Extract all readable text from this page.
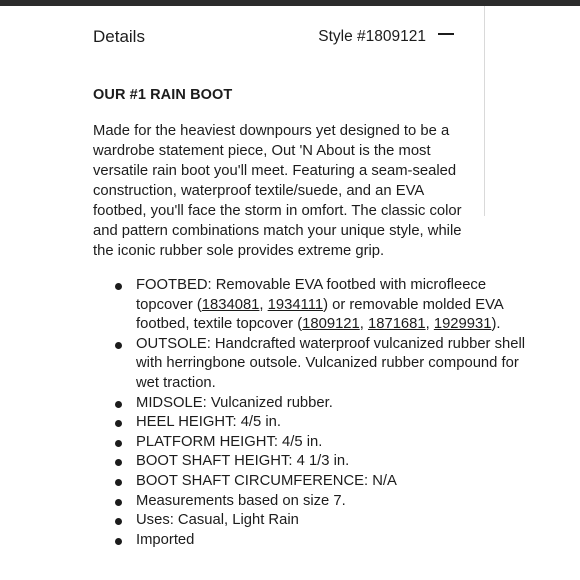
Details	Style #1809121
OUR #1 RAIN BOOT

Made for the heaviest downpours yet designed to be a wardrobe statement piece, Out 'N About is the most versatile rain boot you'll meet. Featuring a seam-sealed construction, waterproof textile/suede, and an EVA footbed, you'll face the storm in omfort. The classic color and pattern combinations match your unique style, while the iconic rubber sole provides extreme grip.

FOOTBED: Removable EVA footbed with microfleece topcover (1834081, 1934111) or removable molded EVA footbed, textile topcover (1809121, 1871681, 1929931).
OUTSOLE: Handcrafted waterproof vulcanized rubber shell with herringbone outsole. Vulcanized rubber compound for wet traction.
MIDSOLE: Vulcanized rubber.
HEEL HEIGHT: 4/5 in.
PLATFORM HEIGHT: 4/5 in.
BOOT SHAFT HEIGHT: 4 1/3 in.
BOOT SHAFT CIRCUMFERENCE: N/A
Measurements based on size 7.
Uses: Casual, Light Rain
Imported
